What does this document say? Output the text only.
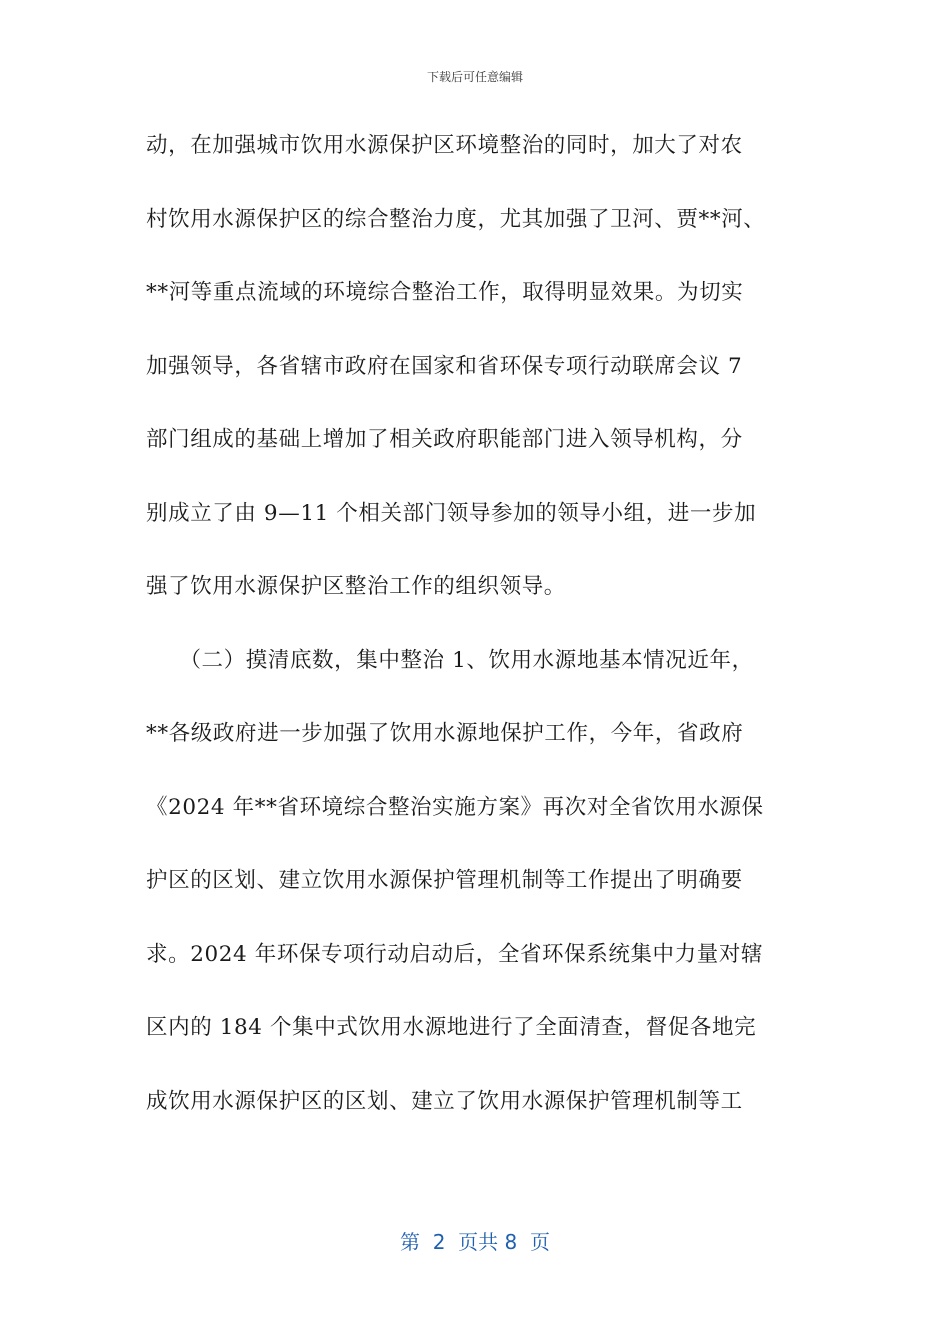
下载后可任意编辑
动，在加强城市饮用水源保护区环境整治的同时，加大了对农
村饮用水源保护区的综合整治力度，尤其加强了卫河、贾**河、
**河等重点流域的环境综合整治工作，取得明显效果。为切实
加强领导，各省辖市政府在国家和省环保专项行动联席会议 7
部门组成的基础上增加了相关政府职能部门进入领导机构，分
别成立了由 9—11 个相关部门领导参加的领导小组，进一步加
强了饮用水源保护区整治工作的组织领导。
　　（二）摸清底数，集中整治 1、饮用水源地基本情况近年，
**各级政府进一步加强了饮用水源地保护工作，今年，省政府
《2024 年**省环境综合整治实施方案》再次对全省饮用水源保
护区的区划、建立饮用水源保护管理机制等工作提出了明确要
求。2024 年环保专项行动启动后，全省环保系统集中力量对辖
区内的 184 个集中式饮用水源地进行了全面清查，督促各地完
成饮用水源保护区的区划、建立了饮用水源保护管理机制等工
第  2  页共 8  页
